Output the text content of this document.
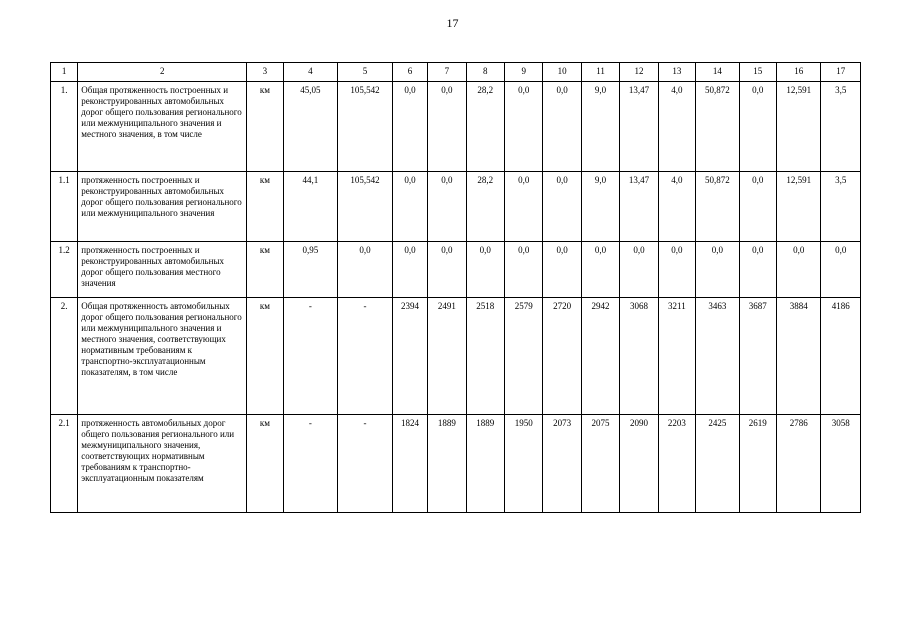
17
1	2	3	4	5	6	7	8	9	10	11	12	13	14	15	16	17
1.	Общая протяженность построенных и реконструированных автомобильных дорог общего пользования регионального или межмуниципального значения и местного значения, в том числе	км	45,05	105,542	0,0	0,0	28,2	0,0	0,0	9,0	13,47	4,0	50,872	0,0	12,591	3,5
1.1	протяженность построенных и реконструированных автомобильных дорог общего пользования регионального или межмуниципального значения	км	44,1	105,542	0,0	0,0	28,2	0,0	0,0	9,0	13,47	4,0	50,872	0,0	12,591	3,5
1.2	протяженность построенных и реконструированных автомобильных дорог общего пользования местного значения	км	0,95	0,0	0,0	0,0	0,0	0,0	0,0	0,0	0,0	0,0	0,0	0,0	0,0	0,0
2.	Общая протяженность автомобильных дорог общего пользования регионального или межмуниципального значения и местного значения, соответствующих нормативным требованиям к транспортно-эксплуатационным показателям, в том числе	км	-	-	2394	2491	2518	2579	2720	2942	3068	3211	3463	3687	3884	4186
2.1	протяженность автомобильных дорог общего пользования регионального или межмуниципального значения, соответствующих нормативным требованиям к транспортно-эксплуатационным показателям	км	-	-	1824	1889	1889	1950	2073	2075	2090	2203	2425	2619	2786	3058
